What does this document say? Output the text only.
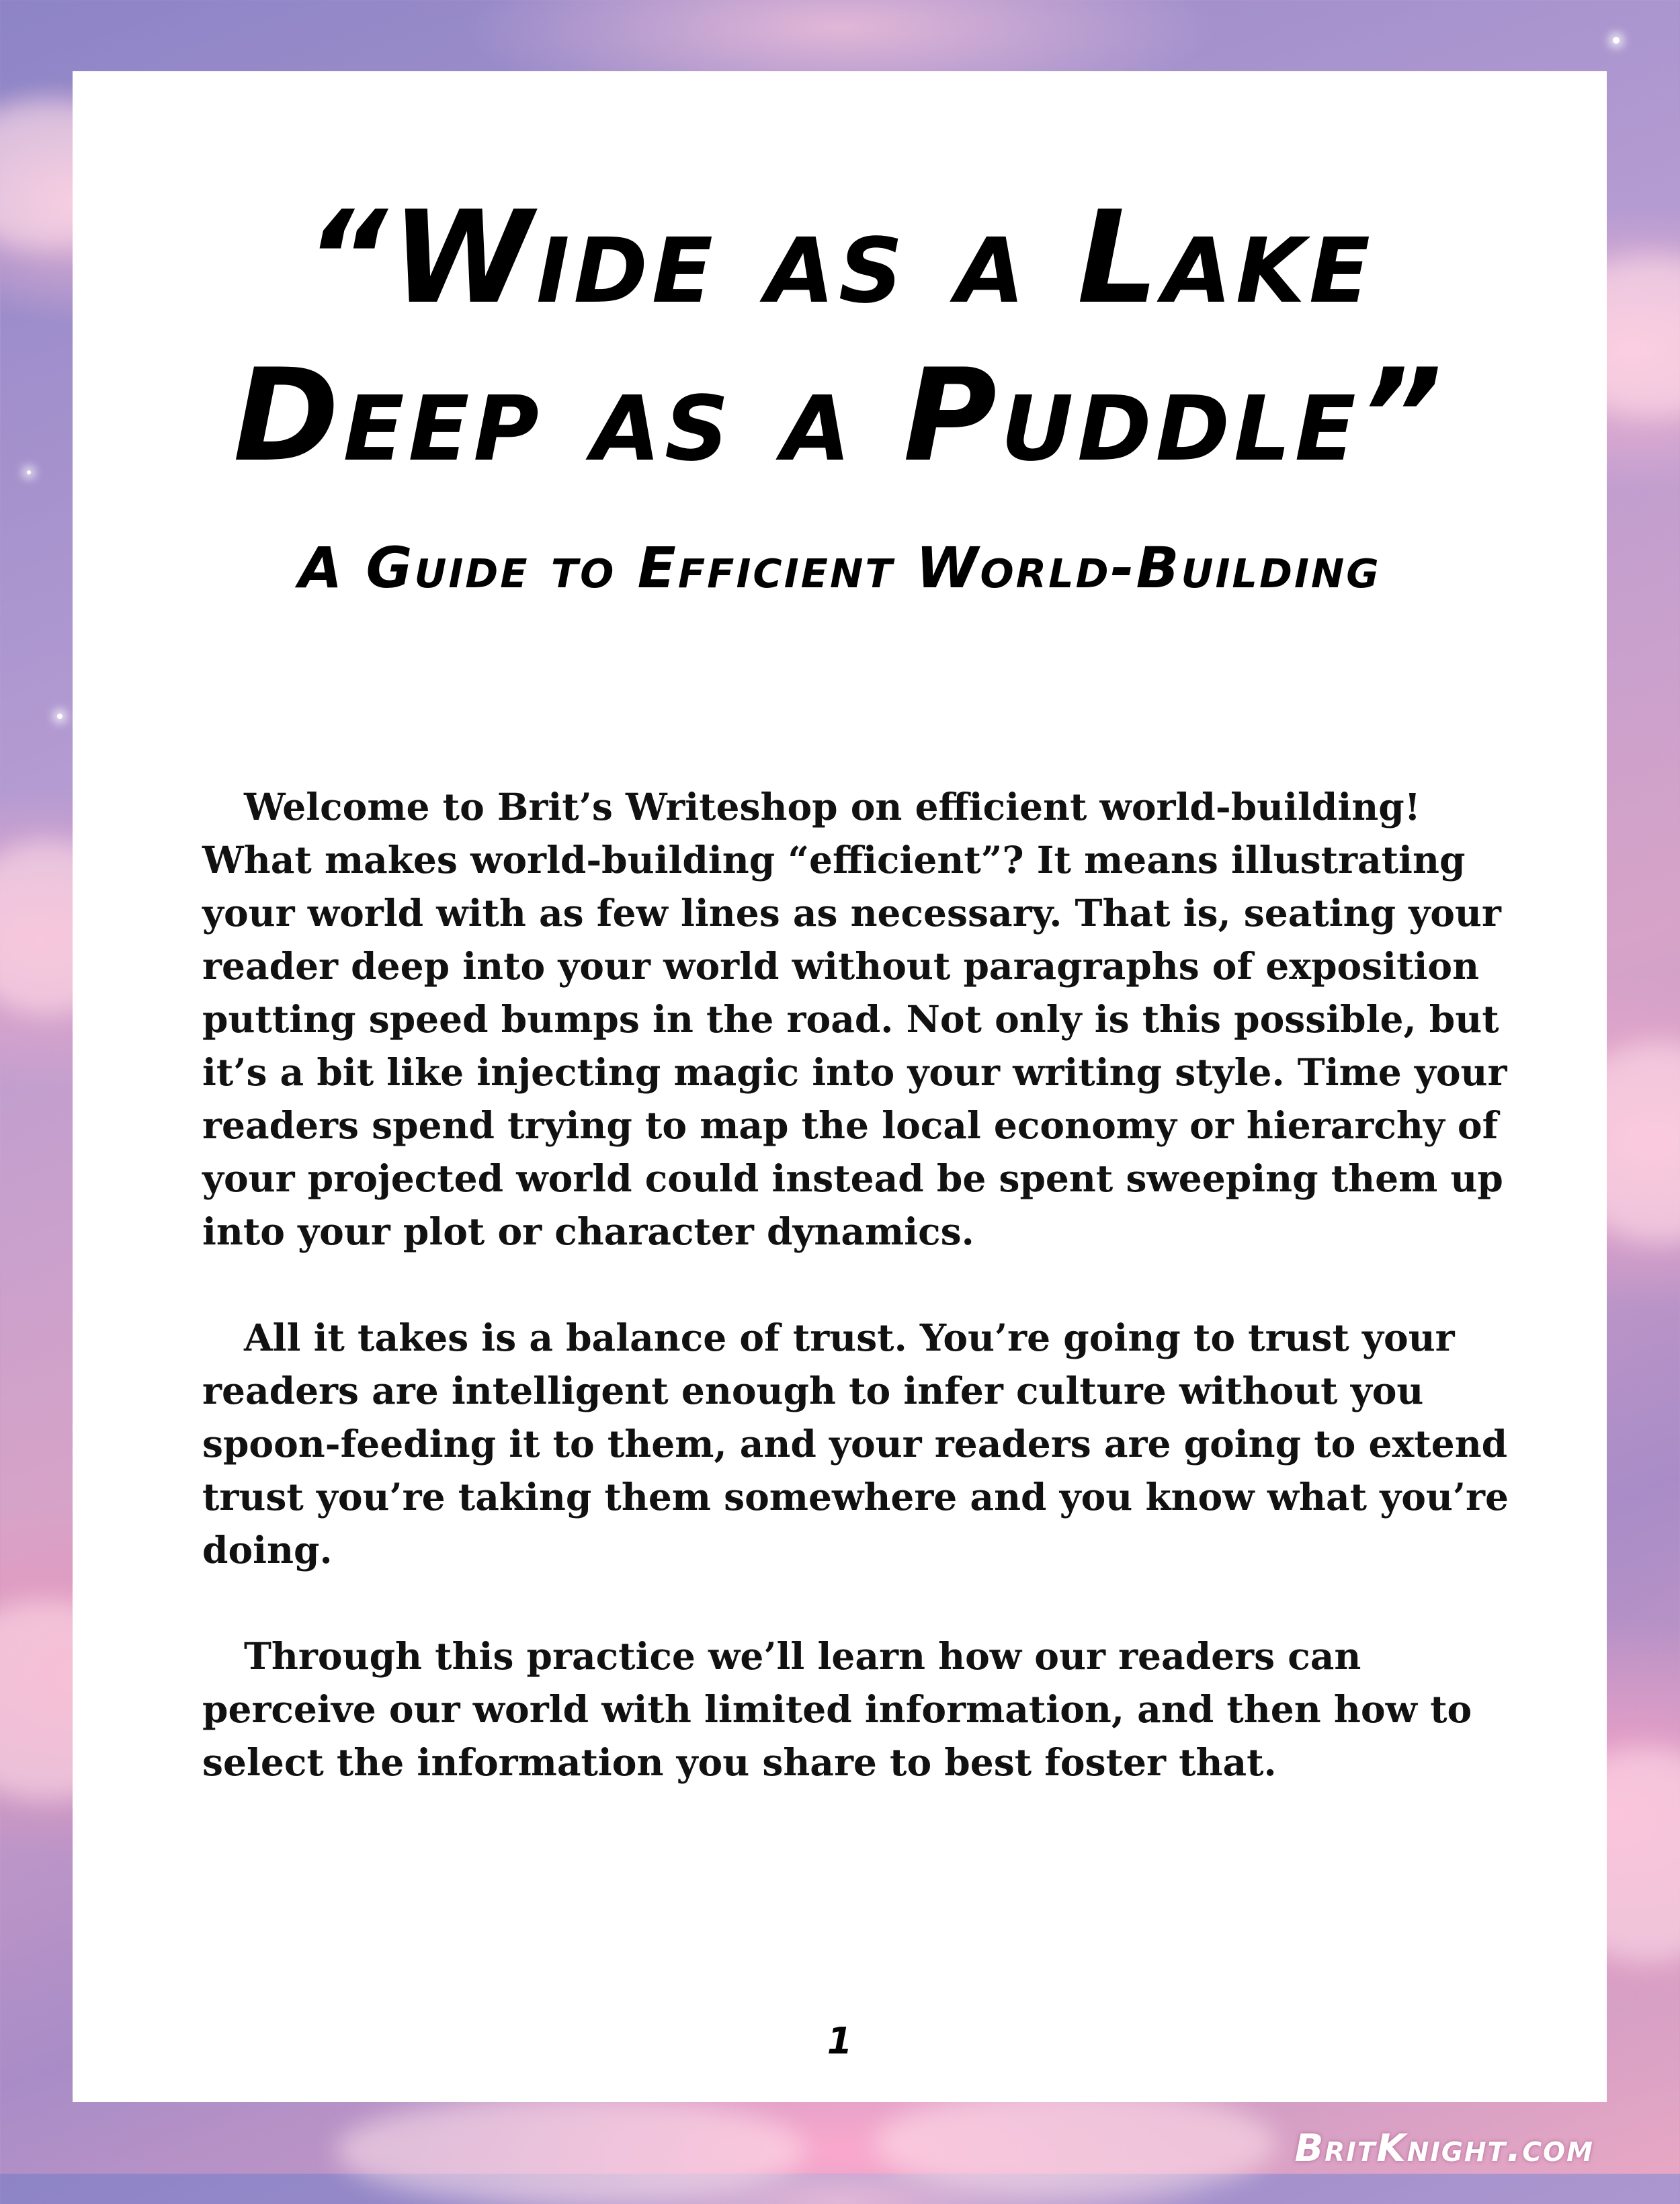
“Wide as a Lake
Deep as a Puddle”
A Guide to Efficient World-Building

Welcome to Brit’s Writeshop on efficient world-building! What makes world-building “efficient”? It means illustrating your world with as few lines as necessary. That is, seating your reader deep into your world without paragraphs of exposition putting speed bumps in the road. Not only is this possible, but it’s a bit like injecting magic into your writing style. Time your readers spend trying to map the local economy or hierarchy of your projected world could instead be spent sweeping them up into your plot or character dynamics.

All it takes is a balance of trust. You’re going to trust your readers are intelligent enough to infer culture without you spoon-feeding it to them, and your readers are going to extend trust you’re taking them somewhere and you know what you’re doing.

Through this practice we’ll learn how our readers can perceive our world with limited information, and then how to select the information you share to best foster that.

1
BritKnight.com
